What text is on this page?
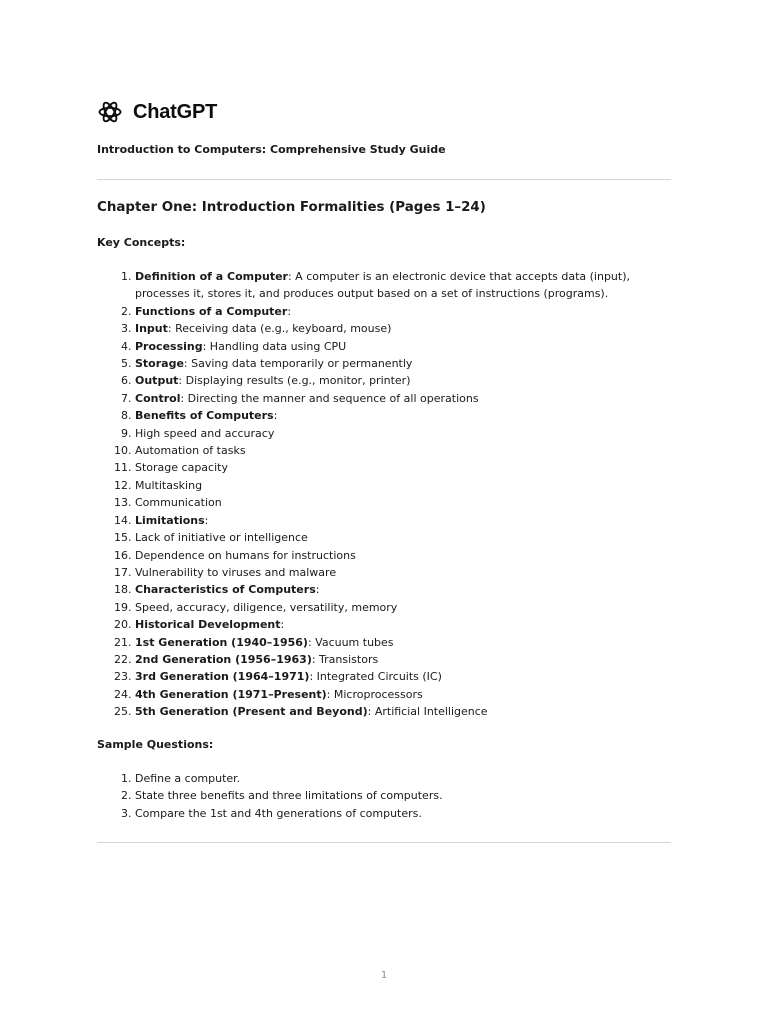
ChatGPT
Introduction to Computers: Comprehensive Study Guide
Chapter One: Introduction Formalities (Pages 1–24)
Key Concepts:
1. Definition of a Computer: A computer is an electronic device that accepts data (input), processes it, stores it, and produces output based on a set of instructions (programs).
2. Functions of a Computer:
3. Input: Receiving data (e.g., keyboard, mouse)
4. Processing: Handling data using CPU
5. Storage: Saving data temporarily or permanently
6. Output: Displaying results (e.g., monitor, printer)
7. Control: Directing the manner and sequence of all operations
8. Benefits of Computers:
9. High speed and accuracy
10. Automation of tasks
11. Storage capacity
12. Multitasking
13. Communication
14. Limitations:
15. Lack of initiative or intelligence
16. Dependence on humans for instructions
17. Vulnerability to viruses and malware
18. Characteristics of Computers:
19. Speed, accuracy, diligence, versatility, memory
20. Historical Development:
21. 1st Generation (1940–1956): Vacuum tubes
22. 2nd Generation (1956–1963): Transistors
23. 3rd Generation (1964–1971): Integrated Circuits (IC)
24. 4th Generation (1971–Present): Microprocessors
25. 5th Generation (Present and Beyond): Artificial Intelligence
Sample Questions:
1. Define a computer.
2. State three benefits and three limitations of computers.
3. Compare the 1st and 4th generations of computers.
1
